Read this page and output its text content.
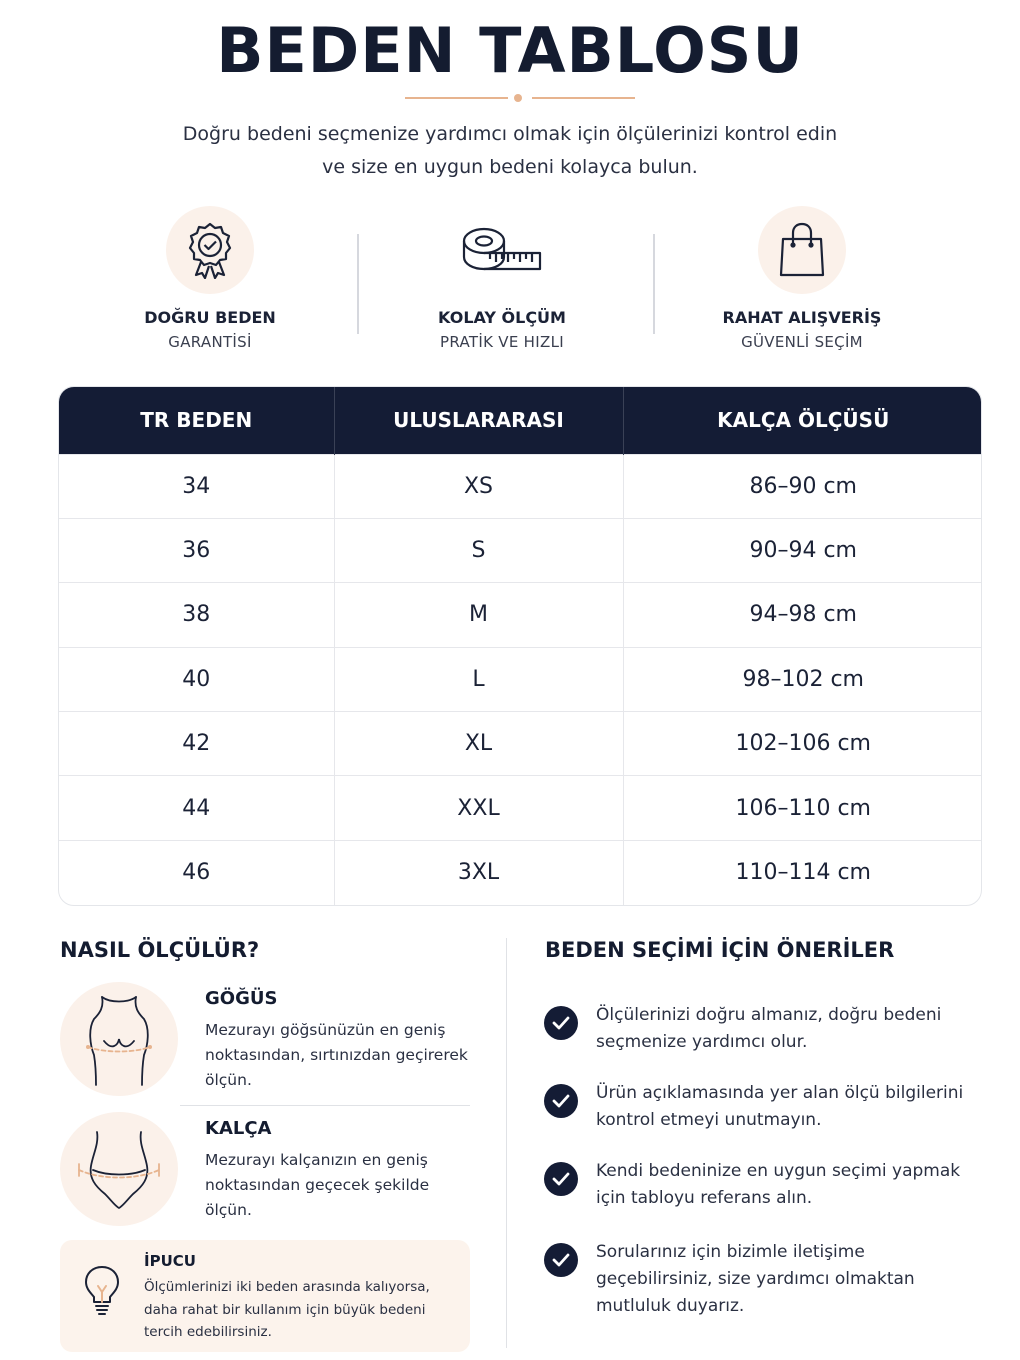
BEDEN TABLOSU
Doğru bedeni seçmenize yardımcı olmak için ölçülerinizi kontrol edin
ve size en uygun bedeni kolayca bulun.
DOĞRU BEDEN
GARANTİSİ
KOLAY ÖLÇÜM
PRATİK VE HIZLI
RAHAT ALIŞVERİŞ
GÜVENLİ SEÇİM
TR BEDEN	ULUSLARARASI	KALÇA ÖLÇÜSÜ
34	XS	86–90 cm
36	S	90–94 cm
38	M	94–98 cm
40	L	98–102 cm
42	XL	102–106 cm
44	XXL	106–110 cm
46	3XL	110–114 cm
NASIL ÖLÇÜLÜR?	BEDEN SEÇİMİ İÇİN ÖNERİLER
GÖĞÜS
Mezurayı göğsünüzün en geniş noktasından, sırtınızdan geçirerek ölçün.
KALÇA
Mezurayı kalçanızın en geniş noktasından geçecek şekilde ölçün.
İPUCU
Ölçümlerinizi iki beden arasında kalıyorsa, daha rahat bir kullanım için büyük bedeni tercih edebilirsiniz.
Ölçülerinizi doğru almanız, doğru bedeni seçmenize yardımcı olur.
Ürün açıklamasında yer alan ölçü bilgilerini kontrol etmeyi unutmayın.
Kendi bedeninize en uygun seçimi yapmak için tabloyu referans alın.
Sorularınız için bizimle iletişime geçebilirsiniz, size yardımcı olmaktan mutluluk duyarız.
